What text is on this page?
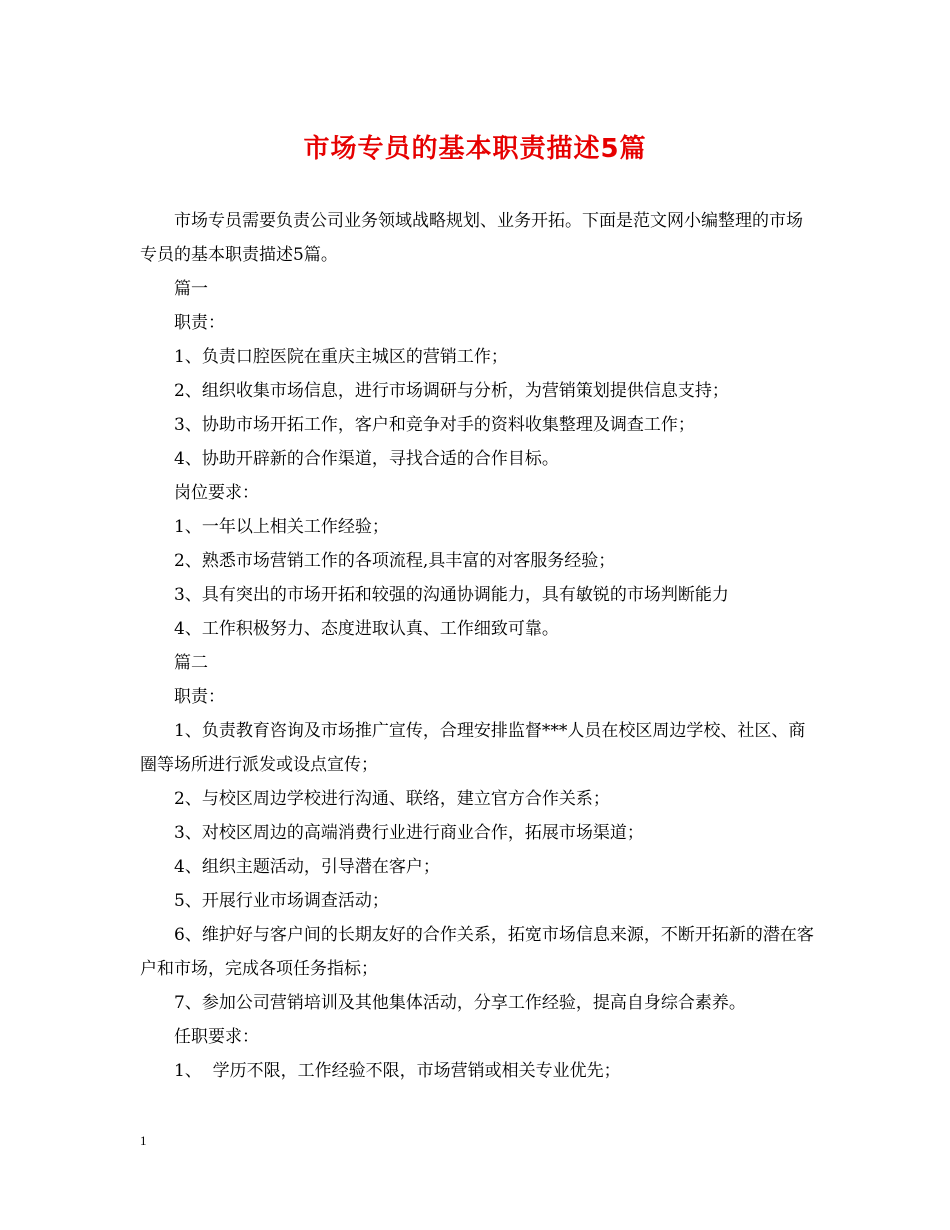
市场专员的基本职责描述5篇

市场专员需要负责公司业务领域战略规划、业务开拓。下面是范文网小编整理的市场专员的基本职责描述5篇。

篇一

职责：

1、负责口腔医院在重庆主城区的营销工作；

2、组织收集市场信息，进行市场调研与分析，为营销策划提供信息支持；

3、协助市场开拓工作，客户和竞争对手的资料收集整理及调查工作；

4、协助开辟新的合作渠道，寻找合适的合作目标。

岗位要求：

1、一年以上相关工作经验；

2、熟悉市场营销工作的各项流程,具丰富的对客服务经验；

3、具有突出的市场开拓和较强的沟通协调能力，具有敏锐的市场判断能力

4、工作积极努力、态度进取认真、工作细致可靠。

篇二

职责：

1、负责教育咨询及市场推广宣传，合理安排监督***人员在校区周边学校、社区、商圈等场所进行派发或设点宣传；

2、与校区周边学校进行沟通、联络，建立官方合作关系；

3、对校区周边的高端消费行业进行商业合作，拓展市场渠道；

4、组织主题活动，引导潜在客户；

5、开展行业市场调查活动；

6、维护好与客户间的长期友好的合作关系，拓宽市场信息来源，不断开拓新的潜在客户和市场，完成各项任务指标；

7、参加公司营销培训及其他集体活动，分享工作经验，提高自身综合素养。

任职要求：

1、  学历不限，工作经验不限，市场营销或相关专业优先；

1
